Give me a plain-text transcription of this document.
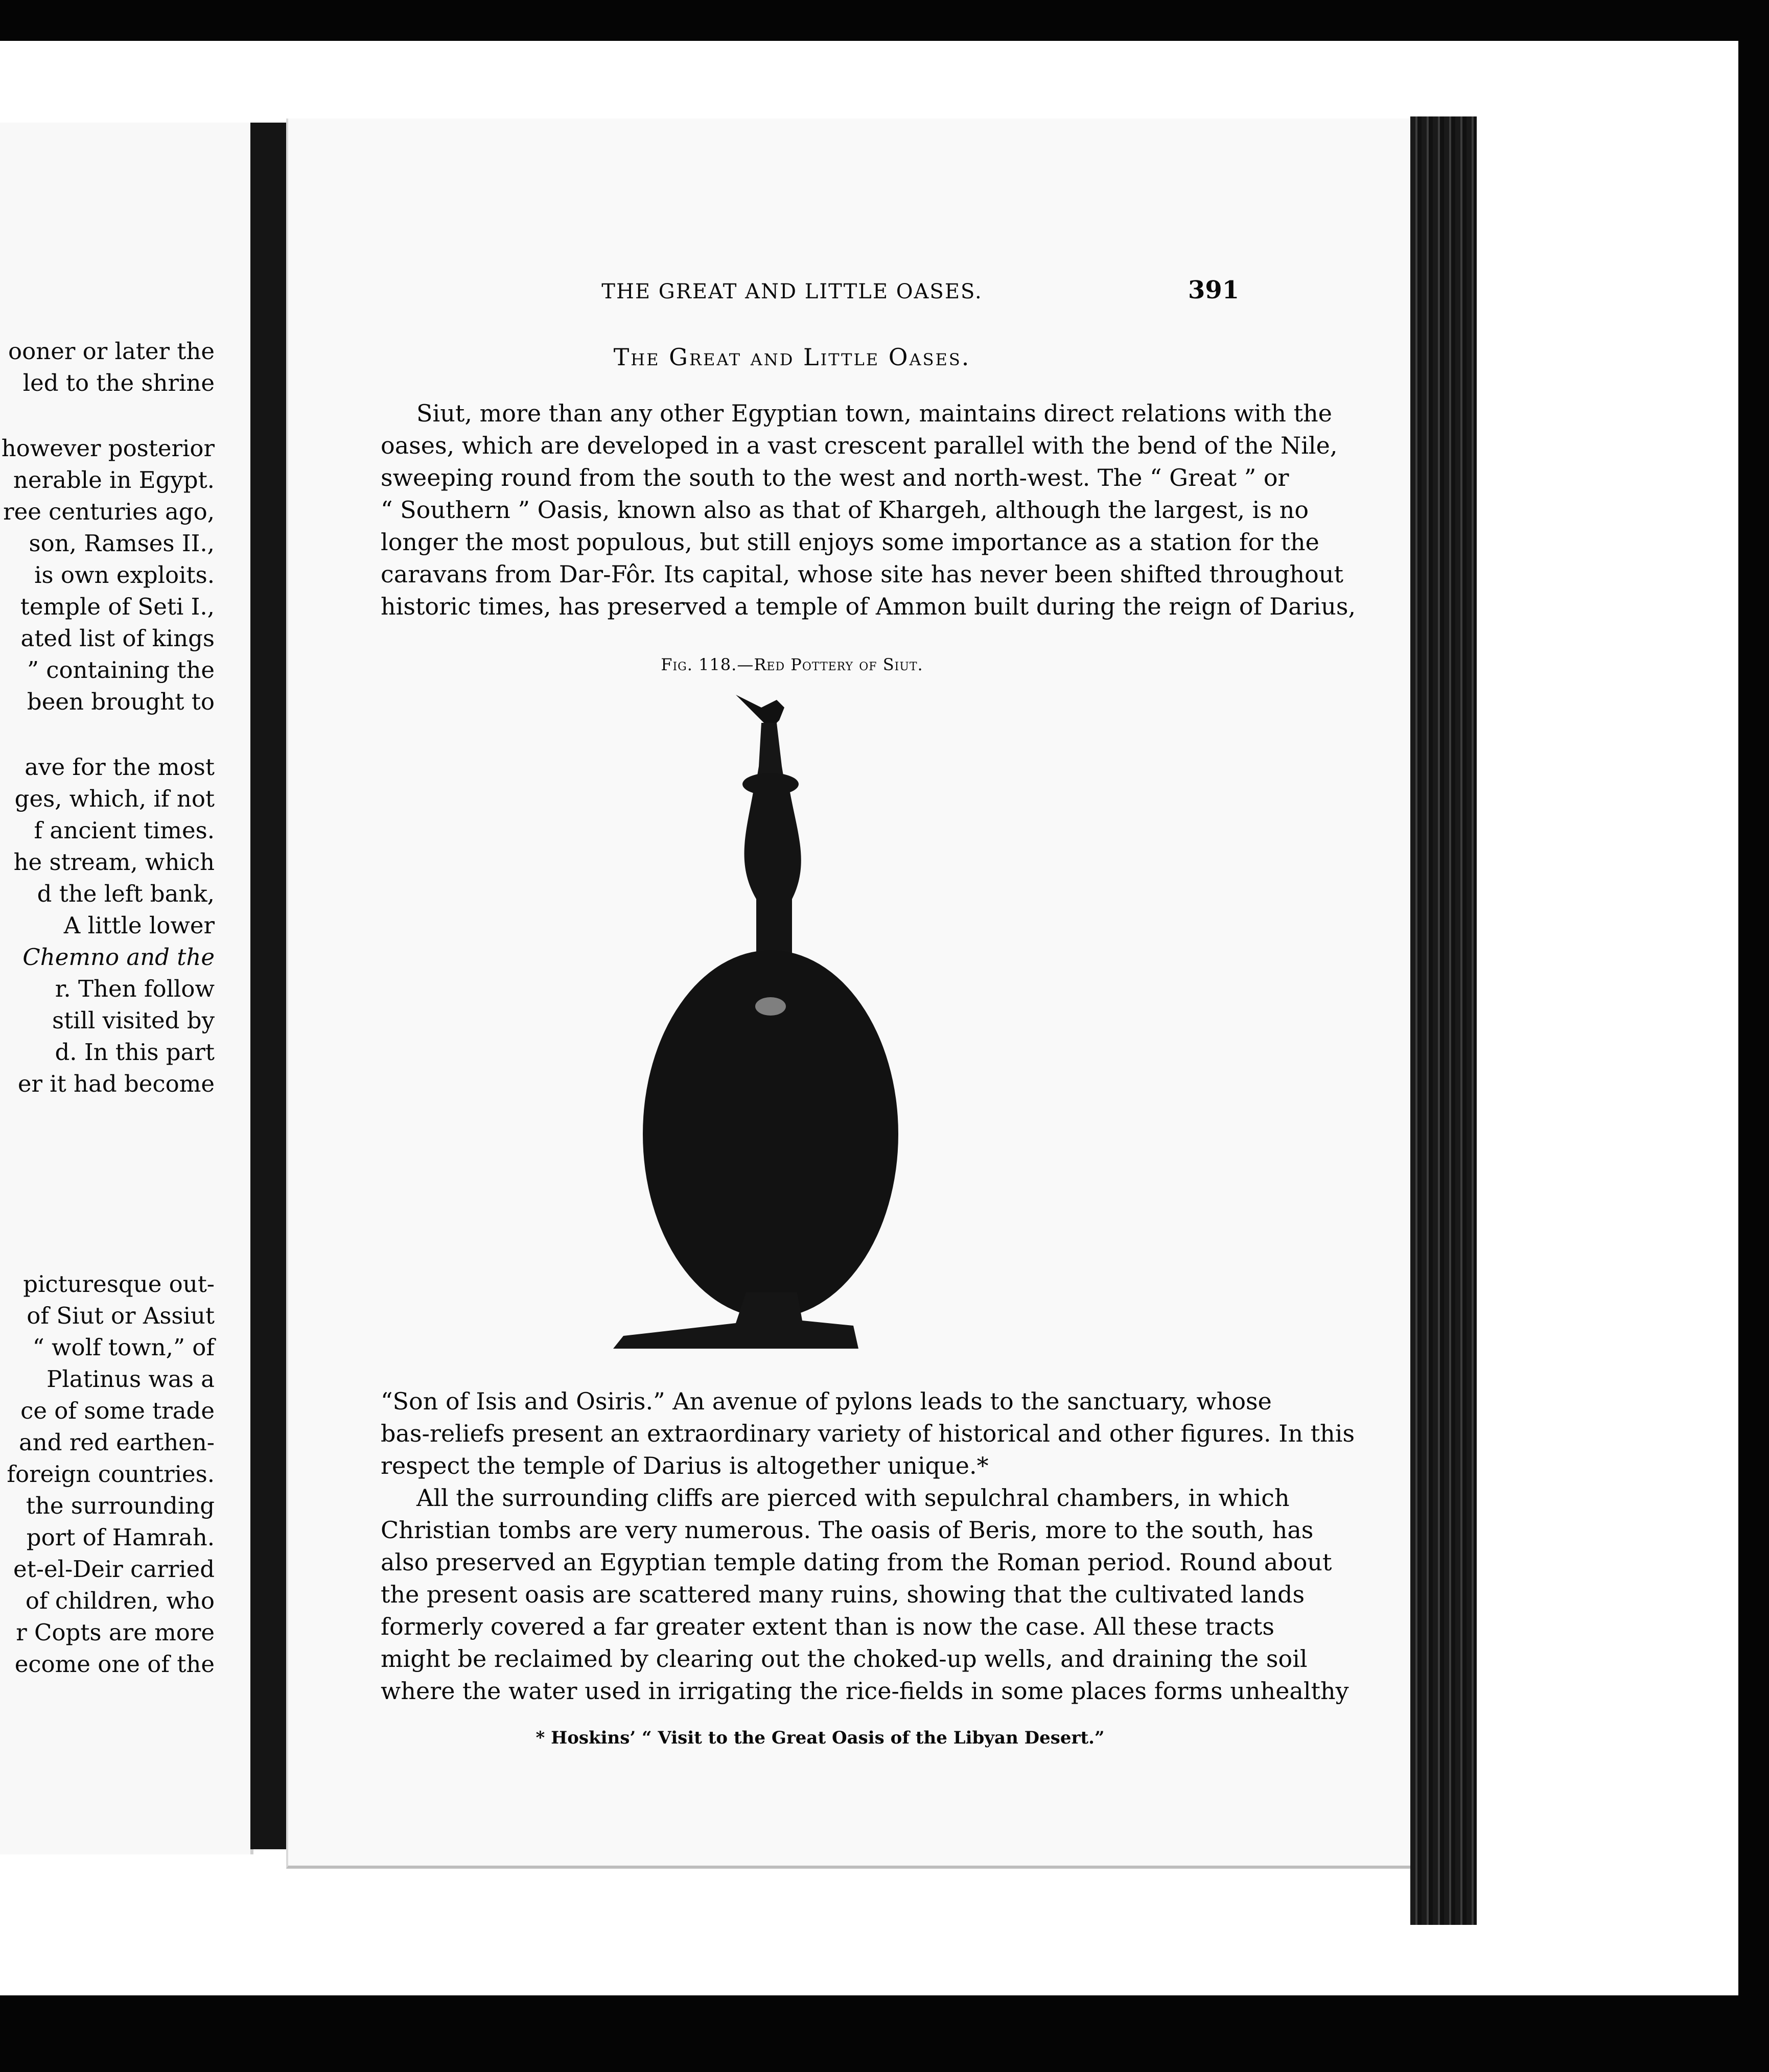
ooner or later the
led to the shrine
however posterior
nerable in Egypt.
ree centuries ago,
son, Ramses II.,
is own exploits.
temple of Seti I.,
ated list of kings
” containing the
been brought to
ave for the most
ges, which, if not
f ancient times.
he stream, which
d the left bank,
A little lower
Chemno and the
r. Then follow
still visited by
d. In this part
er it had become
picturesque out-
of Siut or Assiut
“ wolf town,” of
Platinus was a
ce of some trade
and red earthen-
foreign countries.
the surrounding
port of Hamrah.
et-el-Deir carried
of children, who
r Copts are more
ecome one of the
THE GREAT AND LITTLE OASES.	391
The Great and Little Oases.
Siut, more than any other Egyptian town, maintains direct relations with the
oases, which are developed in a vast crescent parallel with the bend of the Nile,
sweeping round from the south to the west and north-west. The “ Great ” or
“ Southern ” Oasis, known also as that of Khargeh, although the largest, is no
longer the most populous, but still enjoys some importance as a station for the
caravans from Dar-Fôr. Its capital, whose site has never been shifted throughout
historic times, has preserved a temple of Ammon built during the reign of Darius,
Fig. 118.—Red Pottery of Siut.
“Son of Isis and Osiris.” An avenue of pylons leads to the sanctuary, whose
bas-reliefs present an extraordinary variety of historical and other figures. In this
respect the temple of Darius is altogether unique.*
All the surrounding cliffs are pierced with sepulchral chambers, in which
Christian tombs are very numerous. The oasis of Beris, more to the south, has
also preserved an Egyptian temple dating from the Roman period. Round about
the present oasis are scattered many ruins, showing that the cultivated lands
formerly covered a far greater extent than is now the case. All these tracts
might be reclaimed by clearing out the choked-up wells, and draining the soil
where the water used in irrigating the rice-fields in some places forms unhealthy
* Hoskins’ “ Visit to the Great Oasis of the Libyan Desert.”
